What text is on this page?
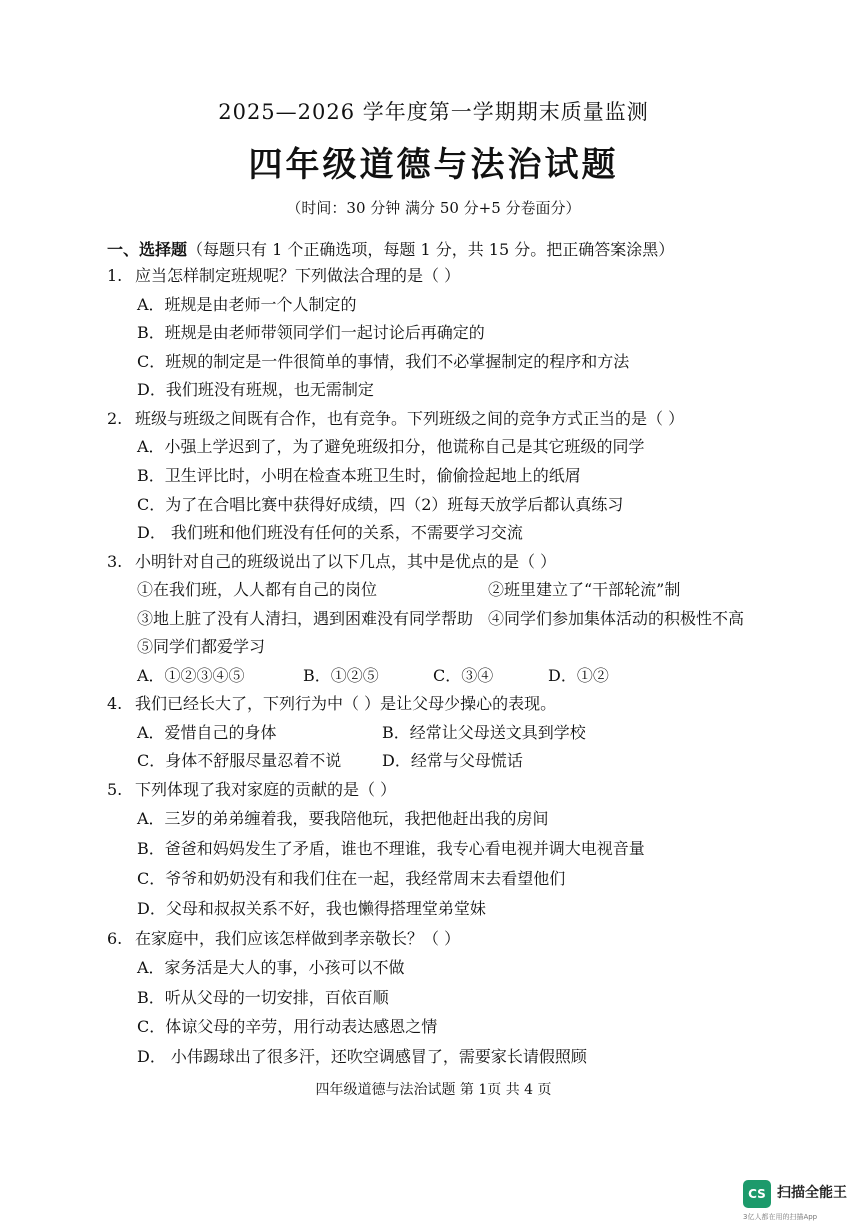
2025—2026 学年度第一学期期末质量监测
四年级道德与法治试题
（时间：30 分钟 满分 50 分+5 分卷面分）
一、选择题（每题只有 1 个正确选项，每题 1 分，共 15 分。把正确答案涂黑）
1. 应当怎样制定班规呢？下列做法合理的是（ ）
A．班规是由老师一个人制定的
B．班规是由老师带领同学们一起讨论后再确定的
C．班规的制定是一件很简单的事情，我们不必掌握制定的程序和方法
D．我们班没有班规，也无需制定
2. 班级与班级之间既有合作，也有竞争。下列班级之间的竞争方式正当的是（ ）
A．小强上学迟到了，为了避免班级扣分，他谎称自己是其它班级的同学
B．卫生评比时，小明在检查本班卫生时，偷偷捡起地上的纸屑
C．为了在合唱比赛中获得好成绩，四（2）班每天放学后都认真练习
D． 我们班和他们班没有任何的关系，不需要学习交流
3. 小明针对自己的班级说出了以下几点，其中是优点的是（ ）
①在我们班，人人都有自己的岗位	②班里建立了“干部轮流”制
③地上脏了没有人清扫，遇到困难没有同学帮助 ④同学们参加集体活动的积极性不高
⑤同学们都爱学习
A．①②③④⑤	B．①②⑤	C．③④	D．①②
4. 我们已经长大了，下列行为中（ ）是让父母少操心的表现。
A．爱惜自己的身体	B．经常让父母送文具到学校
C．身体不舒服尽量忍着不说	D．经常与父母慌话
5. 下列体现了我对家庭的贡献的是（ ）
A．三岁的弟弟缠着我，要我陪他玩，我把他赶出我的房间
B．爸爸和妈妈发生了矛盾，谁也不理谁，我专心看电视并调大电视音量
C．爷爷和奶奶没有和我们住在一起，我经常周末去看望他们
D．父母和叔叔关系不好，我也懒得搭理堂弟堂妹
6. 在家庭中，我们应该怎样做到孝亲敬长？（ ）
A．家务活是大人的事，小孩可以不做
B．听从父母的一切安排，百依百顺
C．体谅父母的辛劳，用行动表达感恩之情
D． 小伟踢球出了很多汗，还吹空调感冒了，需要家长请假照顾
四年级道德与法治试题 第 1页 共 4 页
CS 扫描全能王
3亿人都在用的扫描App
